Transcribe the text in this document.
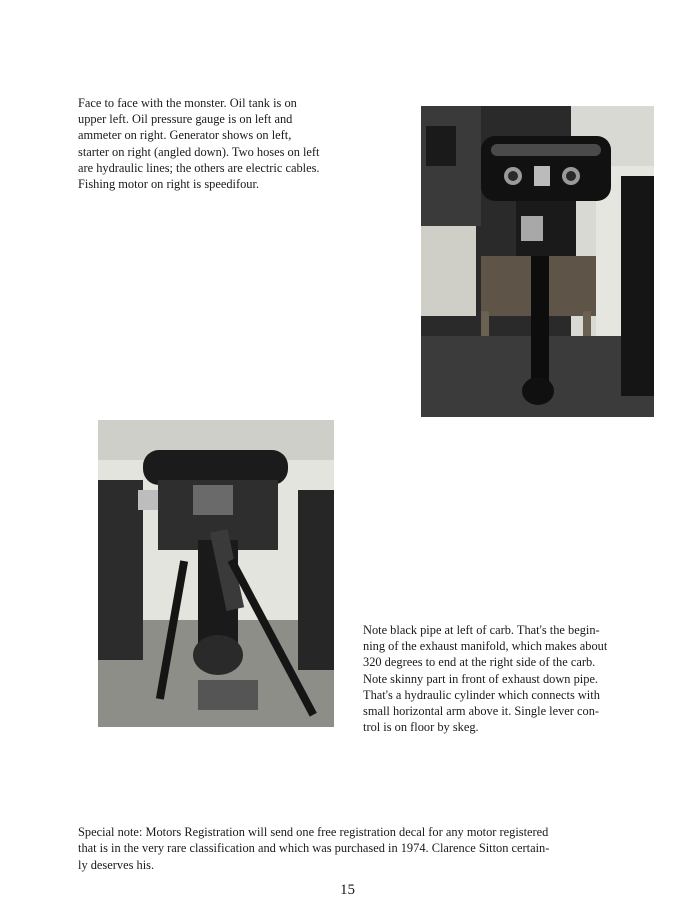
Face to face with the monster. Oil tank is on
upper left. Oil pressure gauge is on left and
ammeter on right. Generator shows on left,
starter on right (angled down). Two hoses on left
are hydraulic lines; the others are electric cables.
Fishing motor on right is speedifour.
Note black pipe at left of carb. That's the begin-
ning of the exhaust manifold, which makes about
320 degrees to end at the right side of the carb.
Note skinny part in front of exhaust down pipe.
That's a hydraulic cylinder which connects with
small horizontal arm above it. Single lever con-
trol is on floor by skeg.
Special note: Motors Registration will send one free registration decal for any motor registered
that is in the very rare classification and which was purchased in 1974. Clarence Sitton certain-
ly deserves his.
15
